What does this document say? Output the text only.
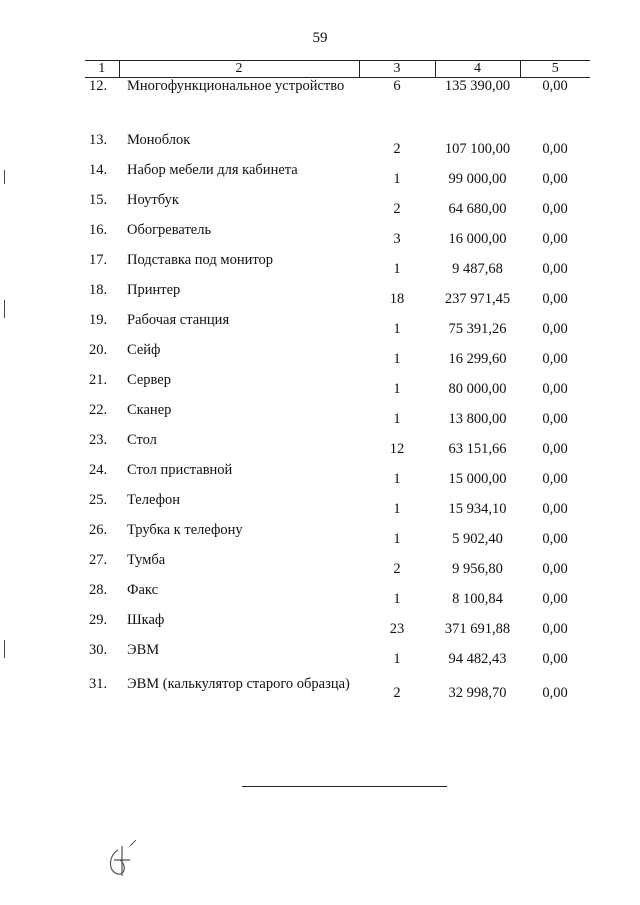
59
1	2	3	4	5
12.	Многофункциональное устройство	6	135 390,00	0,00
13.	Моноблок	2	107 100,00	0,00
14.	Набор мебели для кабинета	1	99 000,00	0,00
15.	Ноутбук	2	64 680,00	0,00
16.	Обогреватель	3	16 000,00	0,00
17.	Подставка под монитор	1	9 487,68	0,00
18.	Принтер	18	237 971,45	0,00
19.	Рабочая станция	1	75 391,26	0,00
20.	Сейф	1	16 299,60	0,00
21.	Сервер	1	80 000,00	0,00
22.	Сканер	1	13 800,00	0,00
23.	Стол	12	63 151,66	0,00
24.	Стол приставной	1	15 000,00	0,00
25.	Телефон	1	15 934,10	0,00
26.	Трубка к телефону	1	5 902,40	0,00
27.	Тумба	2	9 956,80	0,00
28.	Факс	1	8 100,84	0,00
29.	Шкаф	23	371 691,88	0,00
30.	ЭВМ	1	94 482,43	0,00
31.	ЭВМ (калькулятор старого образца)	2	32 998,70	0,00
